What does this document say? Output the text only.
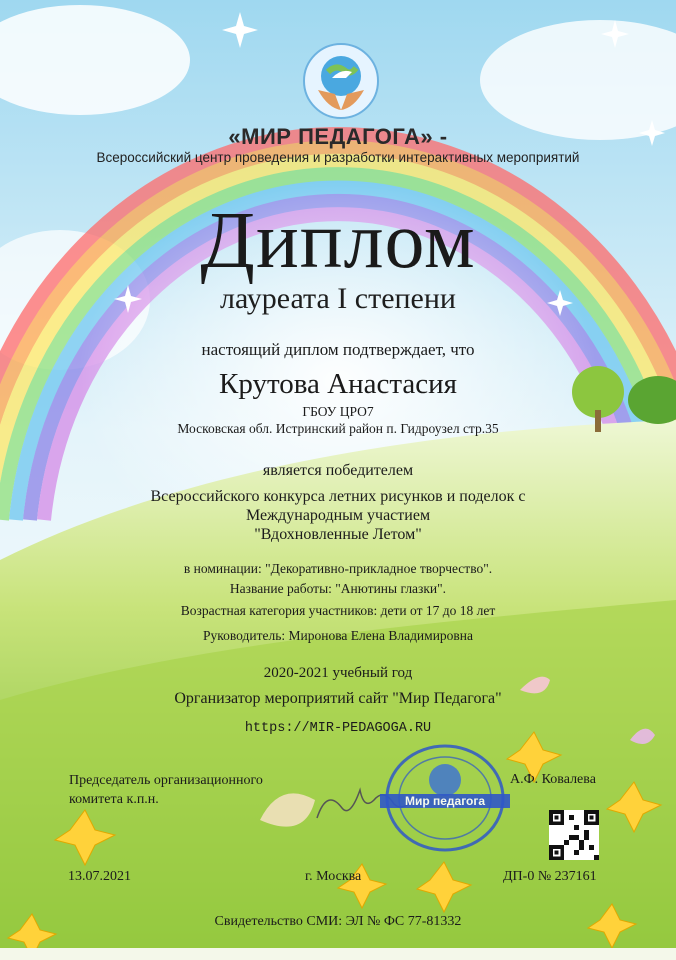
«МИР ПЕДАГОГА» -
Всероссийский центр проведения и разработки интерактивных мероприятий
Диплом
лауреата I степени
настоящий диплом подтверждает, что
Крутова Анастасия
ГБОУ ЦРО7
Московская обл. Истринский район п. Гидроузел стр.35
является победителем
Всероссийского конкурса летних рисунков и поделок с
Международным участием
"Вдохновленные Летом"
в номинации: "Декоративно-прикладное творчество".
Название работы: "Анютины глазки".
Возрастная категория участников: дети от 17 до 18 лет
Руководитель: Миронова Елена Владимировна
2020-2021 учебный год
Организатор мероприятий сайт "Мир Педагога"
https://MIR-PEDAGOGA.RU
Председатель организационного
комитета к.п.н.	Мир педагога
А.Ф. Ковалева
13.07.2021	г. Москва	ДП-0 № 237161
Свидетельство СМИ: ЭЛ № ФС 77-81332
